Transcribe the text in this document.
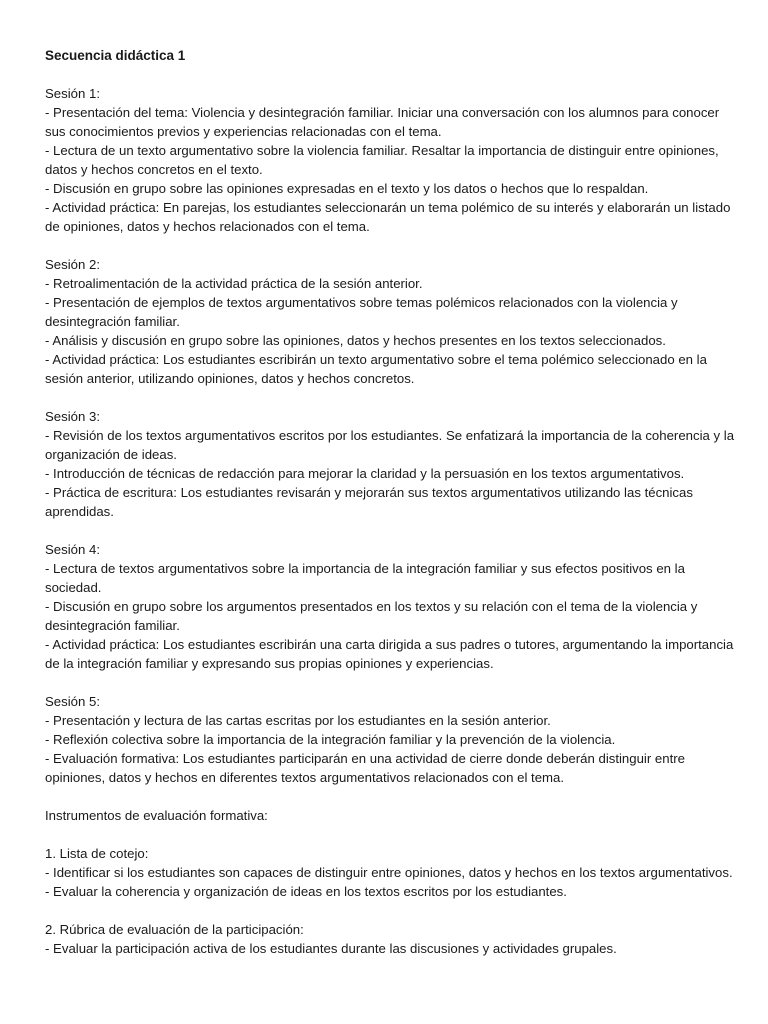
Secuencia didáctica 1

Sesión 1:

- Presentación del tema: Violencia y desintegración familiar. Iniciar una conversación con los alumnos para conocer sus conocimientos previos y experiencias relacionadas con el tema.

- Lectura de un texto argumentativo sobre la violencia familiar. Resaltar la importancia de distinguir entre opiniones, datos y hechos concretos en el texto.

- Discusión en grupo sobre las opiniones expresadas en el texto y los datos o hechos que lo respaldan.

- Actividad práctica: En parejas, los estudiantes seleccionarán un tema polémico de su interés y elaborarán un listado de opiniones, datos y hechos relacionados con el tema.

Sesión 2:

- Retroalimentación de la actividad práctica de la sesión anterior.

- Presentación de ejemplos de textos argumentativos sobre temas polémicos relacionados con la violencia y desintegración familiar.

- Análisis y discusión en grupo sobre las opiniones, datos y hechos presentes en los textos seleccionados.

- Actividad práctica: Los estudiantes escribirán un texto argumentativo sobre el tema polémico seleccionado en la sesión anterior, utilizando opiniones, datos y hechos concretos.

Sesión 3:

- Revisión de los textos argumentativos escritos por los estudiantes. Se enfatizará la importancia de la coherencia y la organización de ideas.

- Introducción de técnicas de redacción para mejorar la claridad y la persuasión en los textos argumentativos.

- Práctica de escritura: Los estudiantes revisarán y mejorarán sus textos argumentativos utilizando las técnicas aprendidas.

Sesión 4:

- Lectura de textos argumentativos sobre la importancia de la integración familiar y sus efectos positivos en la sociedad.

- Discusión en grupo sobre los argumentos presentados en los textos y su relación con el tema de la violencia y desintegración familiar.

- Actividad práctica: Los estudiantes escribirán una carta dirigida a sus padres o tutores, argumentando la importancia de la integración familiar y expresando sus propias opiniones y experiencias.

Sesión 5:

- Presentación y lectura de las cartas escritas por los estudiantes en la sesión anterior.

- Reflexión colectiva sobre la importancia de la integración familiar y la prevención de la violencia.

- Evaluación formativa: Los estudiantes participarán en una actividad de cierre donde deberán distinguir entre opiniones, datos y hechos en diferentes textos argumentativos relacionados con el tema.

Instrumentos de evaluación formativa:

1. Lista de cotejo:

- Identificar si los estudiantes son capaces de distinguir entre opiniones, datos y hechos en los textos argumentativos.

- Evaluar la coherencia y organización de ideas en los textos escritos por los estudiantes.

2. Rúbrica de evaluación de la participación:

- Evaluar la participación activa de los estudiantes durante las discusiones y actividades grupales.
